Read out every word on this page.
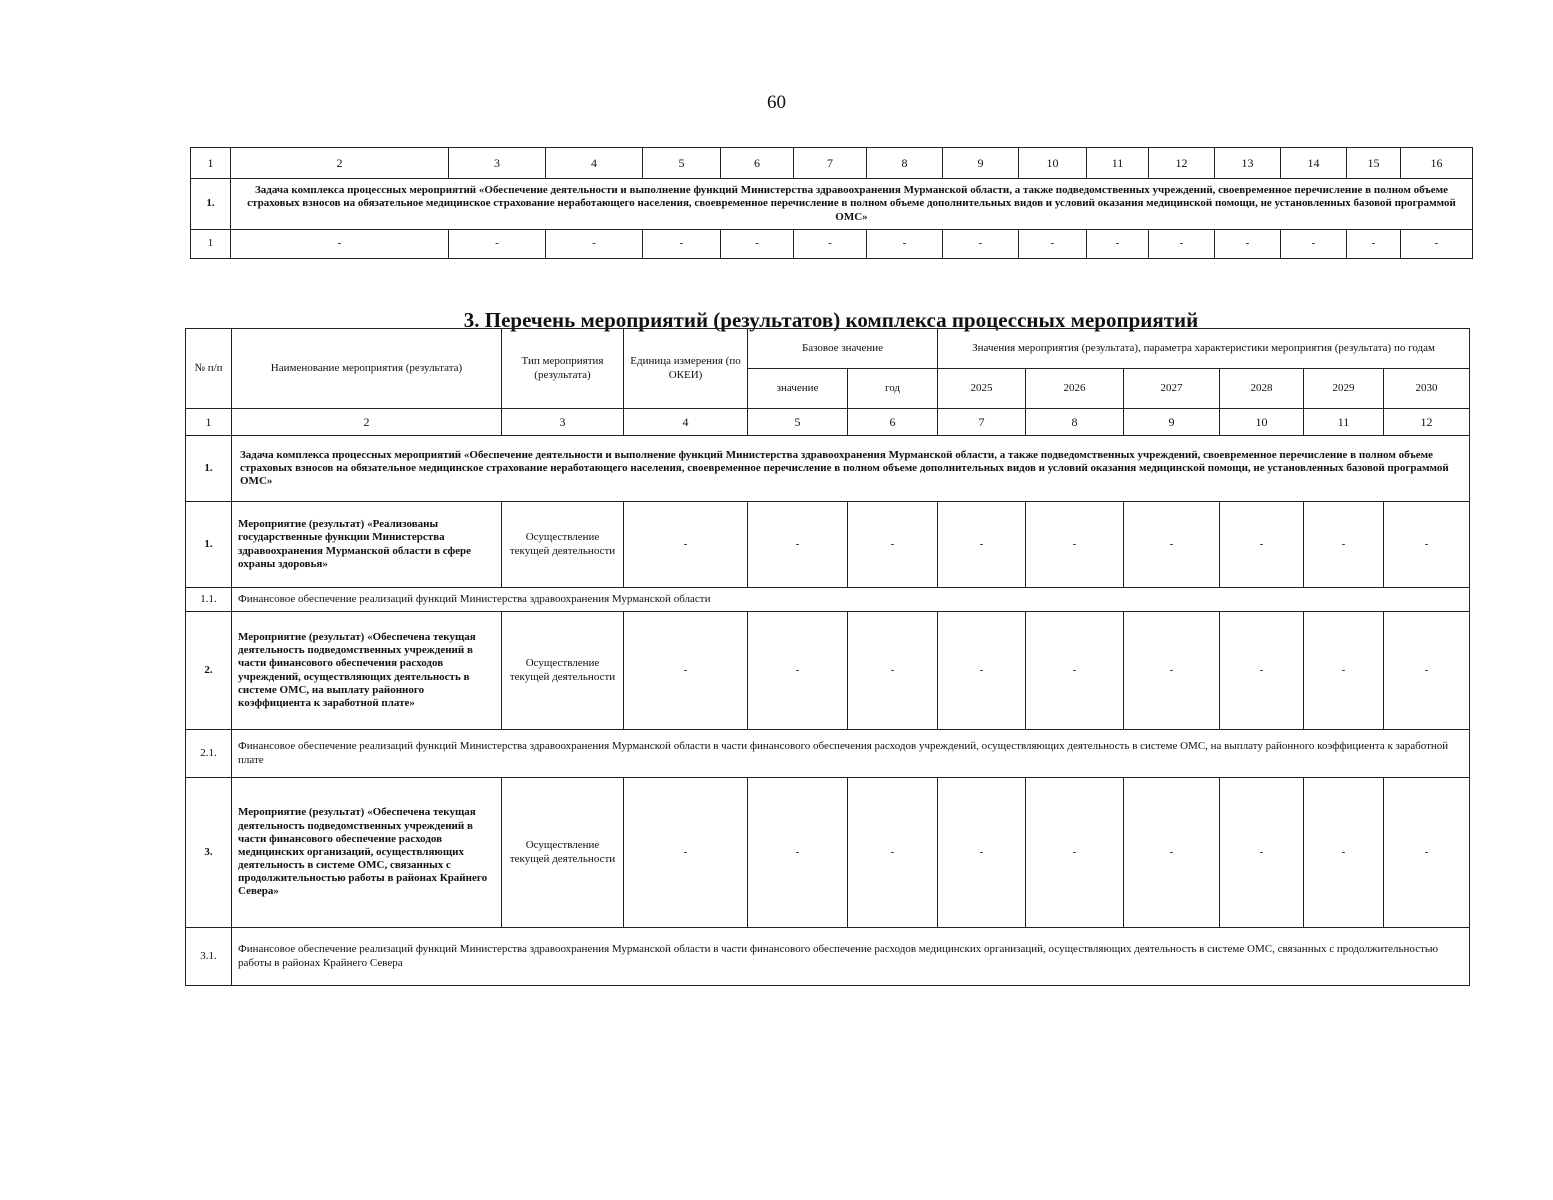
60
1	2	3	4	5	6	7	8	9	10	11	12	13	14	15	16
1.	Задача комплекса процессных мероприятий «Обеспечение деятельности и выполнение функций Министерства здравоохранения Мурманской области, а также подведомственных учреждений, своевременное перечисление в полном объеме страховых взносов на обязательное медицинское страхование неработающего населения, своевременное перечисление в полном объеме дополнительных видов и условий оказания медицинской помощи, не установленных базовой программой ОМС»														
1	-	-	-	-	-	-	-	-	-	-	-	-	-	-	-
3. Перечень мероприятий (результатов) комплекса процессных мероприятий
№ п/п	Наименование мероприятия (результата)	Тип мероприятия (результата)	Единица измерения (по ОКЕИ)	Базовое значение		Значения мероприятия (результата), параметра характеристики мероприятия (результата) по годам					
				значение	год	2025	2026	2027	2028	2029	2030
1	2	3	4	5	6	7	8	9	10	11	12
1.	Задача комплекса процессных мероприятий «Обеспечение деятельности и выполнение функций Министерства здравоохранения Мурманской области, а также подведомственных учреждений, своевременное перечисление в полном объеме страховых взносов на обязательное медицинское страхование неработающего населения, своевременное перечисление в полном объеме дополнительных видов и условий оказания медицинской помощи, не установленных базовой программой ОМС»										
1.	Мероприятие (результат) «Реализованы государственные функции Министерства здравоохранения Мурманской области в сфере охраны здоровья»	Осуществление текущей деятельности	-	-	-	-	-	-	-	-	-
1.1.	Финансовое обеспечение реализаций функций Министерства здравоохранения Мурманской области										
2.	Мероприятие (результат) «Обеспечена текущая деятельность подведомственных учреждений в части финансового обеспечения расходов учреждений, осуществляющих деятельность в системе ОМС, на выплату районного коэффициента к заработной плате»	Осуществление текущей деятельности	-	-	-	-	-	-	-	-	-
2.1.	Финансовое обеспечение реализаций функций Министерства здравоохранения Мурманской области в части финансового обеспечения расходов учреждений, осуществляющих деятельность в системе ОМС, на выплату районного коэффициента к заработной плате										
3.	Мероприятие (результат) «Обеспечена текущая деятельность подведомственных учреждений в части финансового обеспечение расходов медицинских организаций, осуществляющих деятельность в системе ОМС, связанных с продолжительностью работы в районах Крайнего Севера»	Осуществление текущей деятельности	-	-	-	-	-	-	-	-	-
3.1.	Финансовое обеспечение реализаций функций Министерства здравоохранения Мурманской области в части финансового обеспечение расходов медицинских организаций, осуществляющих деятельность в системе ОМС, связанных с продолжительностью работы в районах Крайнего Севера										
